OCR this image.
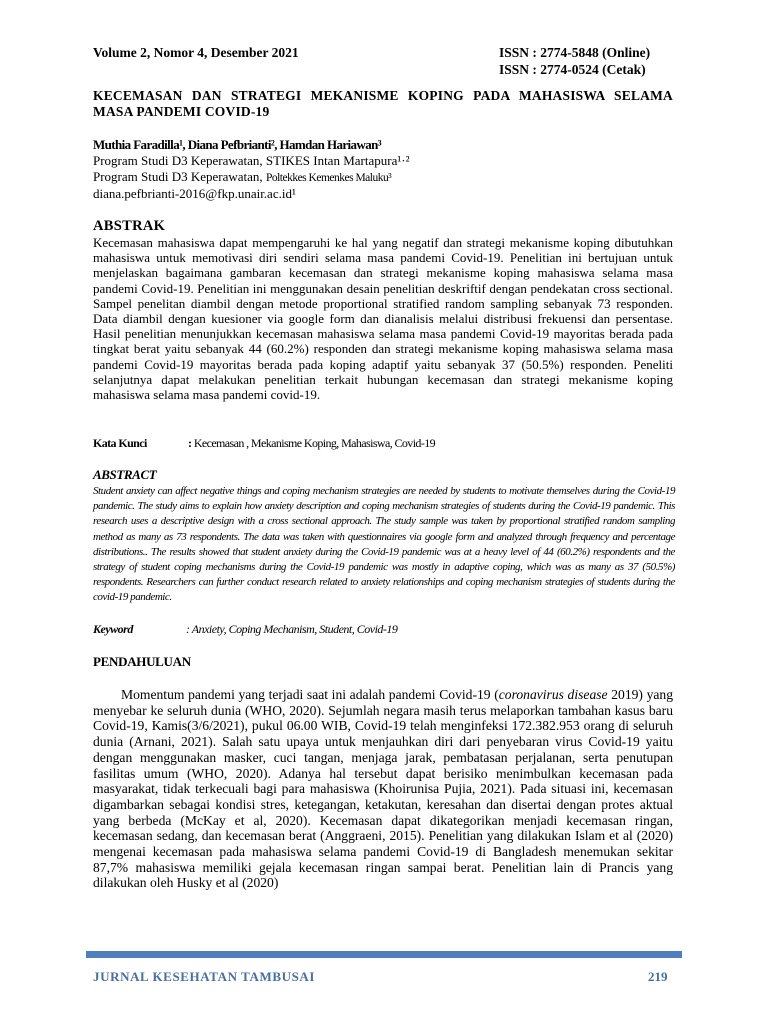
Volume 2, Nomor 4, Desember 2021	ISSN : 2774-5848 (Online)
ISSN : 2774-0524 (Cetak)
KECEMASAN DAN STRATEGI MEKANISME KOPING PADA MAHASISWA SELAMA MASA PANDEMI COVID-19
Muthia Faradilla¹, Diana Pefbrianti², Hamdan Hariawan³
Program Studi D3 Keperawatan, STIKES Intan Martapura¹·²
Program Studi D3 Keperawatan, Poltekkes Kemenkes Maluku³
diana.pefbrianti-2016@fkp.unair.ac.id¹
ABSTRAK
Kecemasan mahasiswa dapat mempengaruhi ke hal yang negatif dan strategi mekanisme koping dibutuhkan mahasiswa untuk memotivasi diri sendiri selama masa pandemi Covid-19. Penelitian ini bertujuan untuk menjelaskan bagaimana gambaran kecemasan dan strategi mekanisme koping mahasiswa selama masa pandemi Covid-19. Penelitian ini menggunakan desain penelitian deskriftif dengan pendekatan cross sectional. Sampel penelitan diambil dengan metode proportional stratified random sampling sebanyak 73 responden. Data diambil dengan kuesioner via google form dan dianalisis melalui distribusi frekuensi dan persentase. Hasil penelitian menunjukkan kecemasan mahasiswa selama masa pandemi Covid-19 mayoritas berada pada tingkat berat yaitu sebanyak 44 (60.2%) responden dan strategi mekanisme koping mahasiswa selama masa pandemi Covid-19 mayoritas berada pada koping adaptif yaitu sebanyak 37 (50.5%) responden. Peneliti selanjutnya dapat melakukan penelitian terkait hubungan kecemasan dan strategi mekanisme koping mahasiswa selama masa pandemi covid-19.
Kata Kunci	: Kecemasan , Mekanisme Koping, Mahasiswa, Covid-19
ABSTRACT
Student anxiety can affect negative things and coping mechanism strategies are needed by students to motivate themselves during the Covid-19 pandemic. The study aims to explain how anxiety description and coping mechanism strategies of students during the Covid-19 pandemic. This research uses a descriptive design with a cross sectional approach. The study sample was taken by proportional stratified random sampling method as many as 73 respondents. The data was taken with questionnaires via google form and analyzed through frequency and percentage distributions.. The results showed that student anxiety during the Covid-19 pandemic was at a heavy level of 44 (60.2%) respondents and the strategy of student coping mechanisms during the Covid-19 pandemic was mostly in adaptive coping, which was as many as 37 (50.5%) respondents. Researchers can further conduct research related to anxiety relationships and coping mechanism strategies of students during the covid-19 pandemic.
Keyword	: Anxiety, Coping Mechanism, Student, Covid-19
PENDAHULUAN
Momentum pandemi yang terjadi saat ini adalah pandemi Covid-19 (coronavirus disease 2019) yang menyebar ke seluruh dunia (WHO, 2020). Sejumlah negara masih terus melaporkan tambahan kasus baru Covid-19, Kamis(3/6/2021), pukul 06.00 WIB, Covid-19 telah menginfeksi 172.382.953 orang di seluruh dunia (Arnani, 2021). Salah satu upaya untuk menjauhkan diri dari penyebaran virus Covid-19 yaitu dengan menggunakan masker, cuci tangan, menjaga jarak, pembatasan perjalanan, serta penutupan fasilitas umum (WHO, 2020). Adanya hal tersebut dapat berisiko menimbulkan kecemasan pada masyarakat, tidak terkecuali bagi para mahasiswa (Khoirunisa Pujia, 2021). Pada situasi ini, kecemasan digambarkan sebagai kondisi stres, ketegangan, ketakutan, keresahan dan disertai dengan protes aktual yang berbeda (McKay et al, 2020). Kecemasan dapat dikategorikan menjadi kecemasan ringan, kecemasan sedang, dan kecemasan berat (Anggraeni, 2015). Penelitian yang dilakukan Islam et al (2020) mengenai kecemasan pada mahasiswa selama pandemi Covid-19 di Bangladesh menemukan sekitar 87,7% mahasiswa memiliki gejala kecemasan ringan sampai berat. Penelitian lain di Prancis yang dilakukan oleh Husky et al (2020)
JURNAL KESEHATAN TAMBUSAI	219
